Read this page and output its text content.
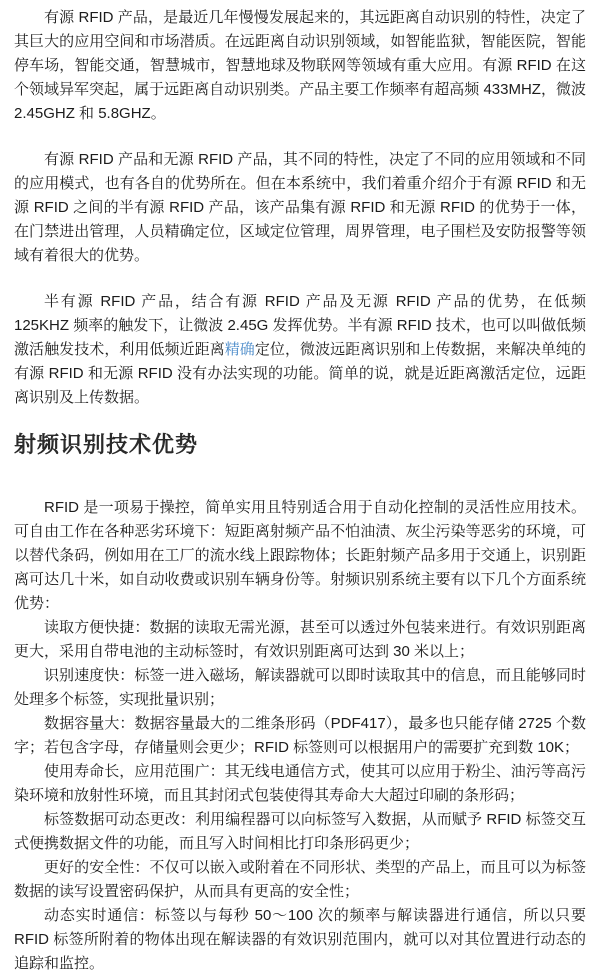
有源 RFID 产品，是最近几年慢慢发展起来的，其远距离自动识别的特性，决定了其巨大的应用空间和市场潜质。在远距离自动识别领域，如智能监狱，智能医院，智能停车场，智能交通，智慧城市，智慧地球及物联网等领域有重大应用。有源 RFID 在这个领域异军突起，属于远距离自动识别类。产品主要工作频率有超高频 433MHZ，微波 2.45GHZ 和 5.8GHZ。

有源 RFID 产品和无源 RFID 产品，其不同的特性，决定了不同的应用领域和不同的应用模式，也有各自的优势所在。但在本系统中，我们着重介绍介于有源 RFID 和无源 RFID 之间的半有源 RFID 产品，该产品集有源 RFID 和无源 RFID 的优势于一体，在门禁进出管理，人员精确定位，区域定位管理，周界管理，电子围栏及安防报警等领域有着很大的优势。

半有源 RFID 产品，结合有源 RFID 产品及无源 RFID 产品的优势，在低频 125KHZ 频率的触发下，让微波 2.45G 发挥优势。半有源 RFID 技术，也可以叫做低频激活触发技术，利用低频近距离精确定位，微波远距离识别和上传数据，来解决单纯的有源 RFID 和无源 RFID 没有办法实现的功能。简单的说，就是近距离激活定位，远距离识别及上传数据。

射频识别技术优势

RFID 是一项易于操控，简单实用且特别适合用于自动化控制的灵活性应用技术。可自由工作在各种恶劣环境下：短距离射频产品不怕油渍、灰尘污染等恶劣的环境，可以替代条码，例如用在工厂的流水线上跟踪物体；长距射频产品多用于交通上，识别距离可达几十米，如自动收费或识别车辆身份等。射频识别系统主要有以下几个方面系统优势：

读取方便快捷：数据的读取无需光源，甚至可以透过外包装来进行。有效识别距离更大，采用自带电池的主动标签时，有效识别距离可达到 30 米以上；

识别速度快：标签一进入磁场，解读器就可以即时读取其中的信息，而且能够同时处理多个标签，实现批量识别；

数据容量大：数据容量最大的二维条形码（PDF417），最多也只能存储 2725 个数字；若包含字母，存储量则会更少；RFID 标签则可以根据用户的需要扩充到数 10K；

使用寿命长，应用范围广：其无线电通信方式，使其可以应用于粉尘、油污等高污染环境和放射性环境，而且其封闭式包装使得其寿命大大超过印刷的条形码；

标签数据可动态更改：利用编程器可以向标签写入数据，从而赋予 RFID 标签交互式便携数据文件的功能，而且写入时间相比打印条形码更少；

更好的安全性：不仅可以嵌入或附着在不同形状、类型的产品上，而且可以为标签数据的读写设置密码保护，从而具有更高的安全性；

动态实时通信：标签以与每秒 50～100 次的频率与解读器进行通信，所以只要 RFID 标签所附着的物体出现在解读器的有效识别范围内，就可以对其位置进行动态的追踪和监控。
